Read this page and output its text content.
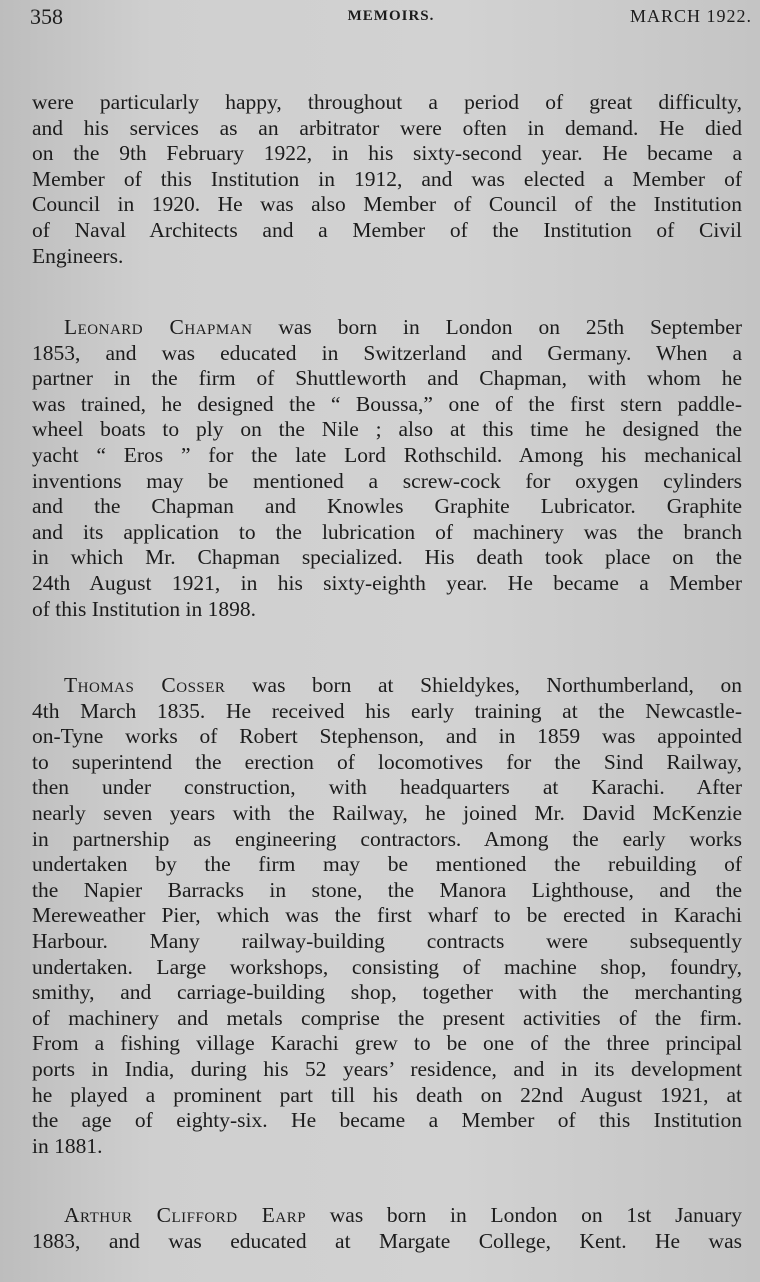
358	MEMOIRS.	MARCH 1922.
were particularly happy, throughout a period of great difficulty,
and his services as an arbitrator were often in demand. He died
on the 9th February 1922, in his sixty-second year. He became a
Member of this Institution in 1912, and was elected a Member of
Council in 1920. He was also Member of Council of the Institution
of Naval Architects and a Member of the Institution of Civil
Engineers.
Leonard Chapman was born in London on 25th September
1853, and was educated in Switzerland and Germany. When a
partner in the firm of Shuttleworth and Chapman, with whom he
was trained, he designed the “ Boussa,” one of the first stern paddle-
wheel boats to ply on the Nile ; also at this time he designed the
yacht “ Eros ” for the late Lord Rothschild. Among his mechanical
inventions may be mentioned a screw-cock for oxygen cylinders
and the Chapman and Knowles Graphite Lubricator. Graphite
and its application to the lubrication of machinery was the branch
in which Mr. Chapman specialized. His death took place on the
24th August 1921, in his sixty-eighth year. He became a Member
of this Institution in 1898.
Thomas Cosser was born at Shieldykes, Northumberland, on
4th March 1835. He received his early training at the Newcastle-
on-Tyne works of Robert Stephenson, and in 1859 was appointed
to superintend the erection of locomotives for the Sind Railway,
then under construction, with headquarters at Karachi. After
nearly seven years with the Railway, he joined Mr. David McKenzie
in partnership as engineering contractors. Among the early works
undertaken by the firm may be mentioned the rebuilding of
the Napier Barracks in stone, the Manora Lighthouse, and the
Mereweather Pier, which was the first wharf to be erected in Karachi
Harbour. Many railway-building contracts were subsequently
undertaken. Large workshops, consisting of machine shop, foundry,
smithy, and carriage-building shop, together with the merchanting
of machinery and metals comprise the present activities of the firm.
From a fishing village Karachi grew to be one of the three principal
ports in India, during his 52 years’ residence, and in its development
he played a prominent part till his death on 22nd August 1921, at
the age of eighty-six. He became a Member of this Institution
in 1881.
Arthur Clifford Earp was born in London on 1st January
1883, and was educated at Margate College, Kent. He was
